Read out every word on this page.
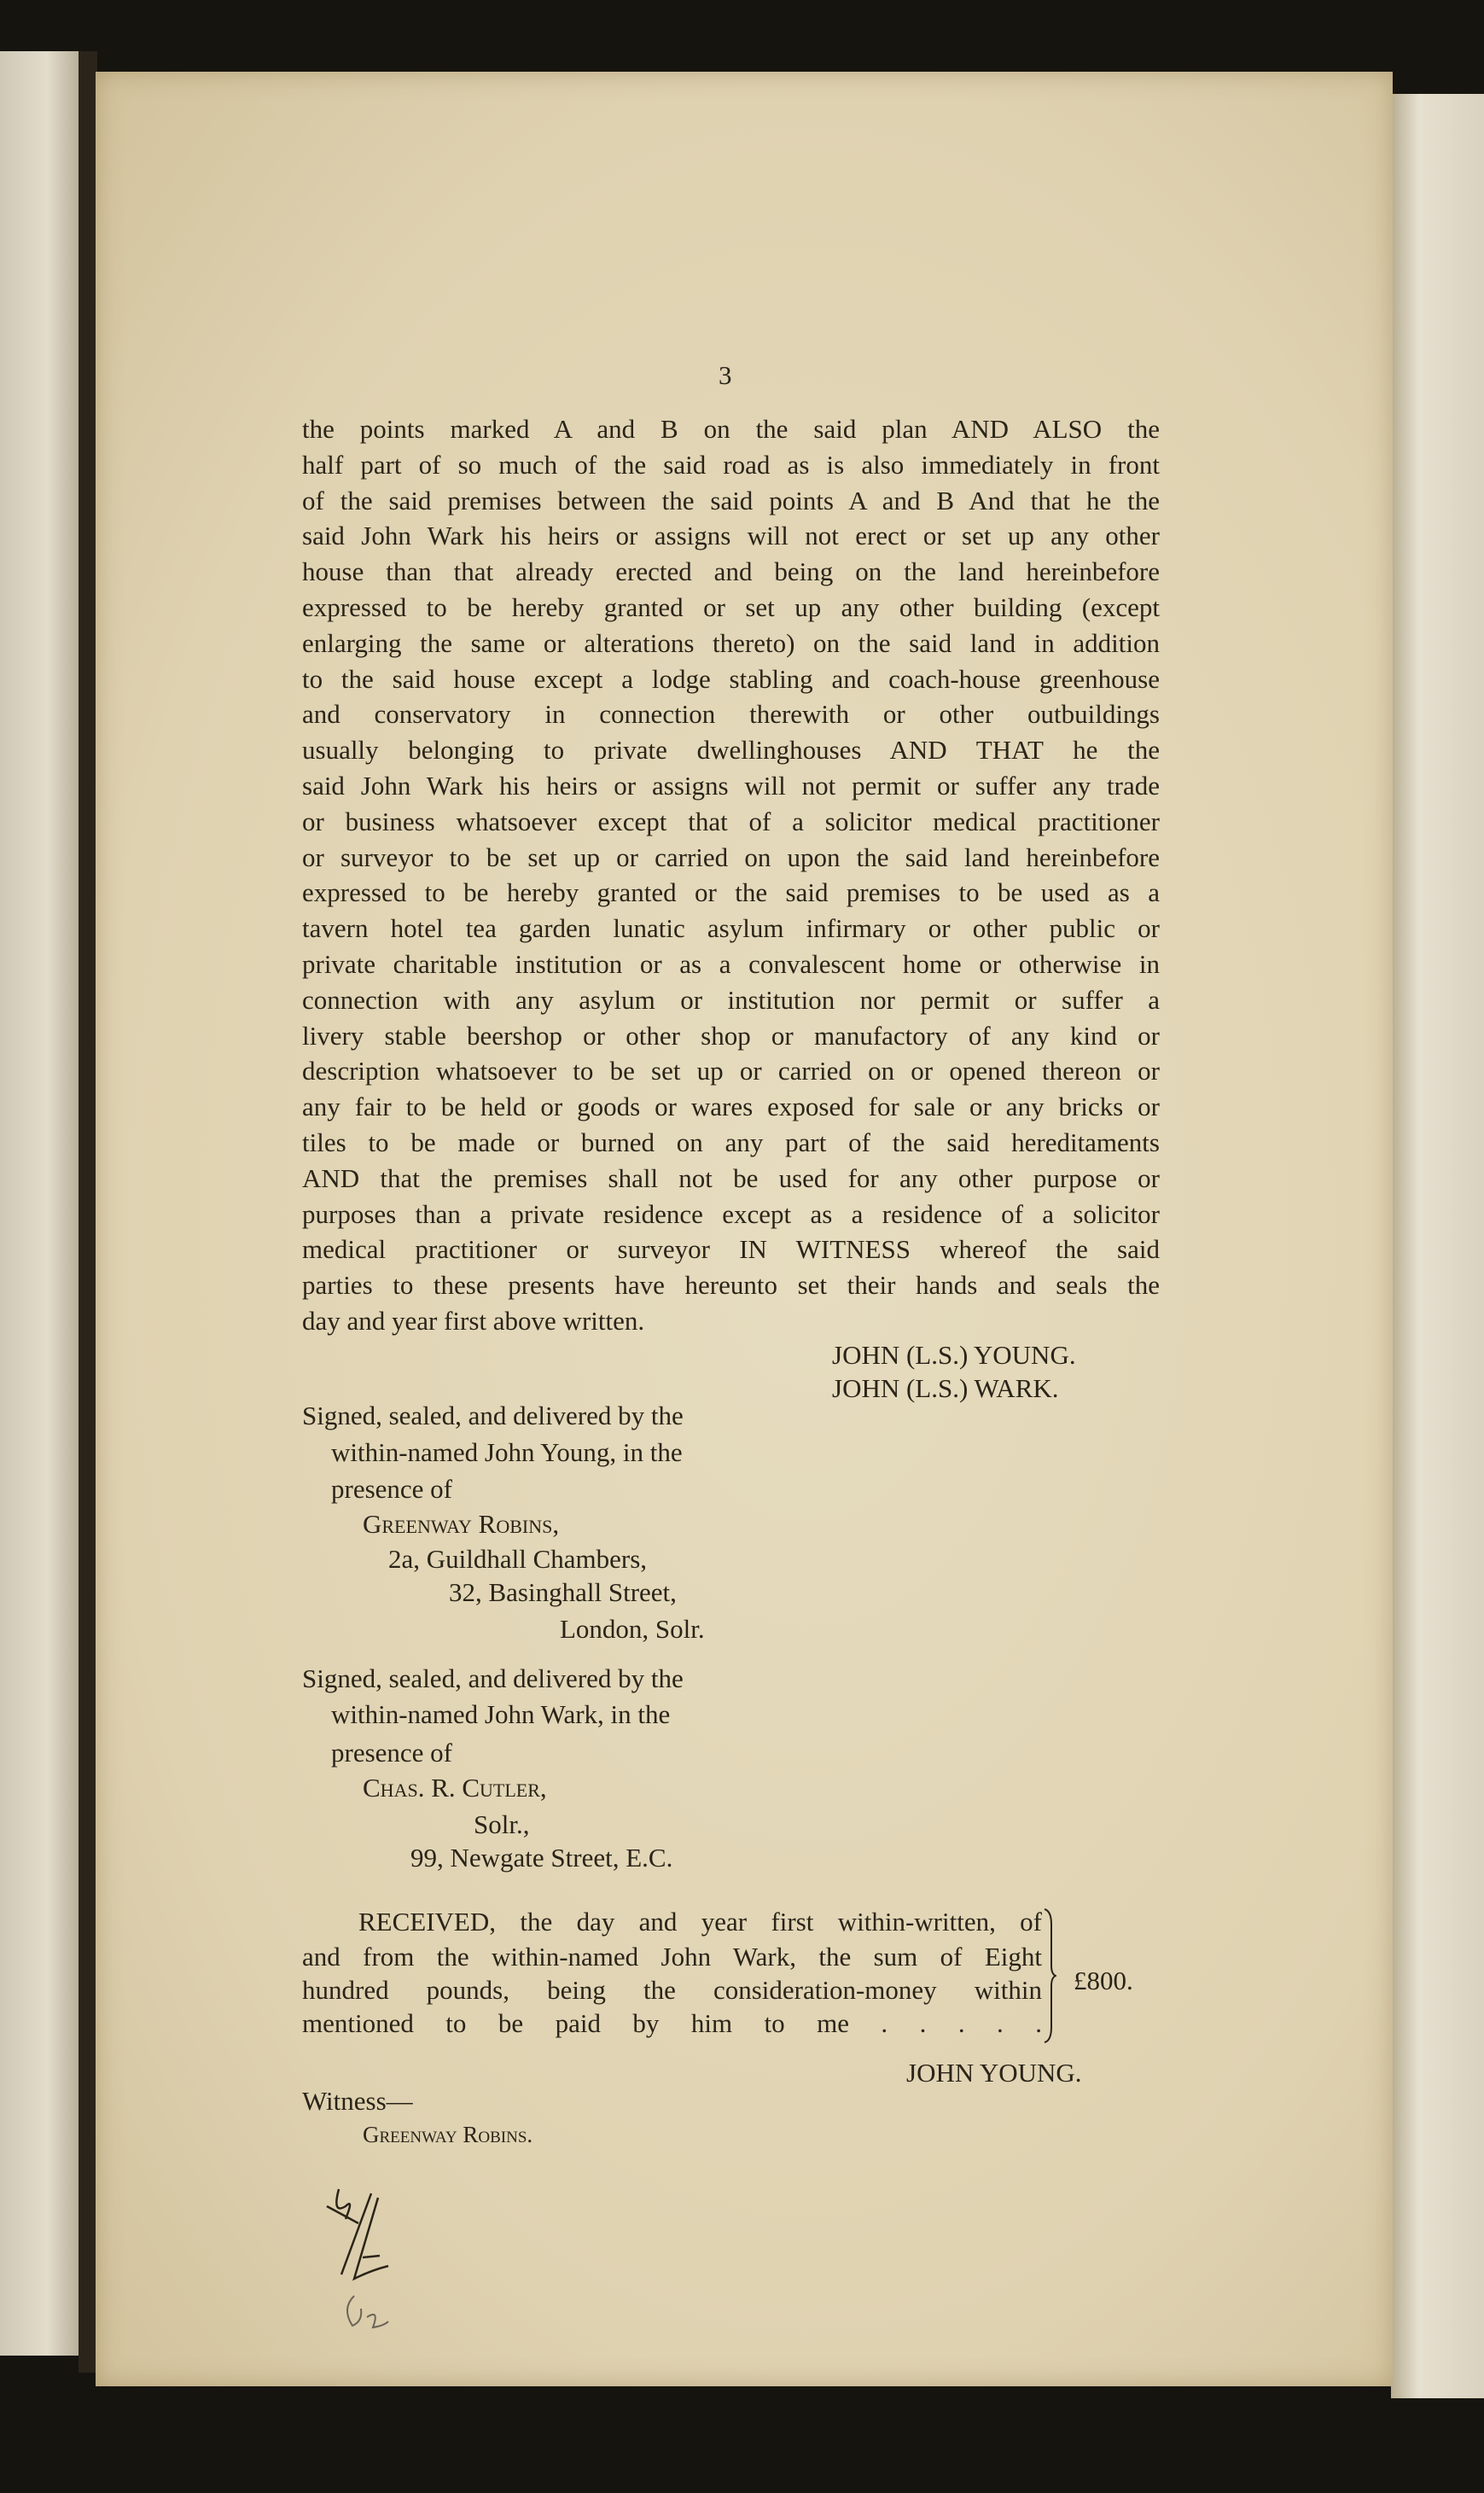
3
the points marked A and B on the said plan AND ALSO the
half part of so much of the said road as is also immediately in front
of the said premises between the said points A and B And that he the
said John Wark his heirs or assigns will not erect or set up any other
house than that already erected and being on the land hereinbefore
expressed to be hereby granted or set up any other building (except
enlarging the same or alterations thereto) on the said land in addition
to the said house except a lodge stabling and coach-house greenhouse
and conservatory in connection therewith or other outbuildings
usually belonging to private dwellinghouses AND THAT he the
said John Wark his heirs or assigns will not permit or suffer any trade
or business whatsoever except that of a solicitor medical practitioner
or surveyor to be set up or carried on upon the said land hereinbefore
expressed to be hereby granted or the said premises to be used as a
tavern hotel tea garden lunatic asylum infirmary or other public or
private charitable institution or as a convalescent home or otherwise in
connection with any asylum or institution nor permit or suffer a
livery stable beershop or other shop or manufactory of any kind or
description whatsoever to be set up or carried on or opened thereon or
any fair to be held or goods or wares exposed for sale or any bricks or
tiles to be made or burned on any part of the said hereditaments
AND that the premises shall not be used for any other purpose or
purposes than a private residence except as a residence of a solicitor
medical practitioner or surveyor IN WITNESS whereof the said
parties to these presents have hereunto set their hands and seals the
day and year first above written.
JOHN (L.S.) YOUNG.
JOHN (L.S.) WARK.
Signed, sealed, and delivered by the
within-named John Young, in the
presence of
Greenway Robins,
2a, Guildhall Chambers,
32, Basinghall Street,
London, Solr.
Signed, sealed, and delivered by the
within-named John Wark, in the
presence of
Chas. R. Cutler,
Solr.,
99, Newgate Street, E.C.
RECEIVED, the day and year first within-written, of
and from the within-named John Wark, the sum of Eight
hundred pounds, being the consideration-money within
mentioned to be paid by him to me . . . . .
£800.
JOHN YOUNG.
Witness—
Greenway Robins.
